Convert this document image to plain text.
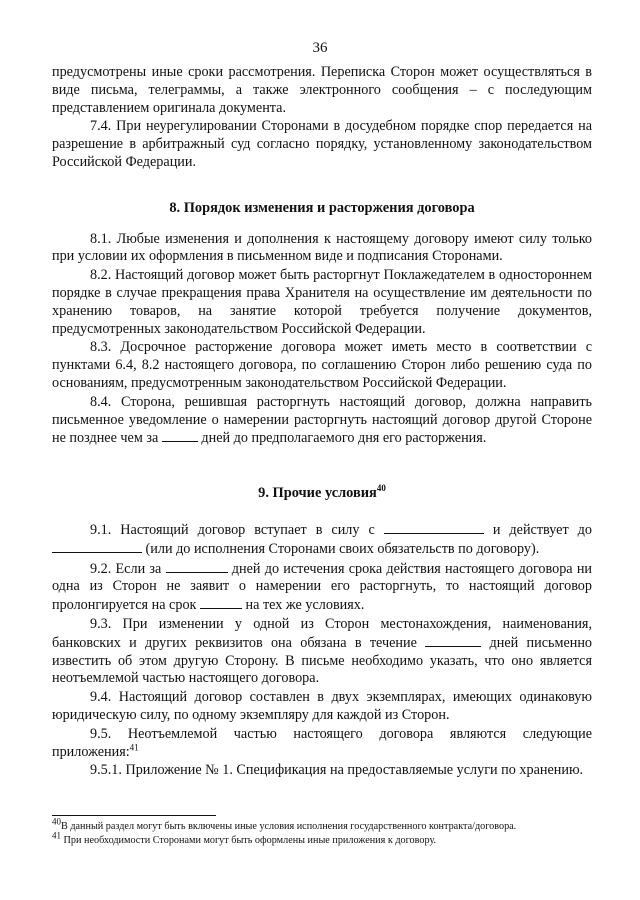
36

предусмотрены иные сроки рассмотрения. Переписка Сторон может осуществляться в виде письма, телеграммы, а также электронного сообщения – с последующим представлением оригинала документа.

7.4. При неурегулировании Сторонами в досудебном порядке спор передается на разрешение в арбитражный суд согласно порядку, установленному законодательством Российской Федерации.

8. Порядок изменения и расторжения договора

8.1. Любые изменения и дополнения к настоящему договору имеют силу только при условии их оформления в письменном виде и подписания Сторонами.

8.2. Настоящий договор может быть расторгнут Поклажедателем в одностороннем порядке в случае прекращения права Хранителя на осуществление им деятельности по хранению товаров, на занятие которой требуется получение документов, предусмотренных законодательством Российской Федерации.

8.3. Досрочное расторжение договора может иметь место в соответствии с пунктами 6.4, 8.2 настоящего договора, по соглашению Сторон либо решению суда по основаниям, предусмотренным законодательством Российской Федерации.

8.4. Сторона, решившая расторгнуть настоящий договор, должна направить письменное уведомление о намерении расторгнуть настоящий договор другой Стороне не позднее чем за	дней до предполагаемого дня его расторжения.

9. Прочие условия$^{40}$

9.1. Настоящий договор вступает в силу с	и действует до  (или до исполнения Сторонами своих обязательств по договору).

9.2. Если за	дней до истечения срока действия настоящего договора ни одна из Сторон не заявит о намерении его расторгнуть, то настоящий договор пролонгируется на срок	на тех же условиях.

9.3. При изменении у одной из Сторон местонахождения, наименования, банковских и других реквизитов она обязана в течение	дней письменно известить об этом другую Сторону. В письме необходимо указать, что оно является неотъемлемой частью настоящего договора.

9.4. Настоящий договор составлен в двух экземплярах, имеющих одинаковую юридическую силу, по одному экземпляру для каждой из Сторон.

9.5. Неотъемлемой частью настоящего договора являются следующие приложения:$^{41}$

9.5.1. Приложение № 1. Спецификация на предоставляемые услуги по хранению.

$^{40}$В данный раздел могут быть включены иные условия исполнения государственного контракта/договора.

$^{41}$ При необходимости Сторонами могут быть оформлены иные приложения к договору.
